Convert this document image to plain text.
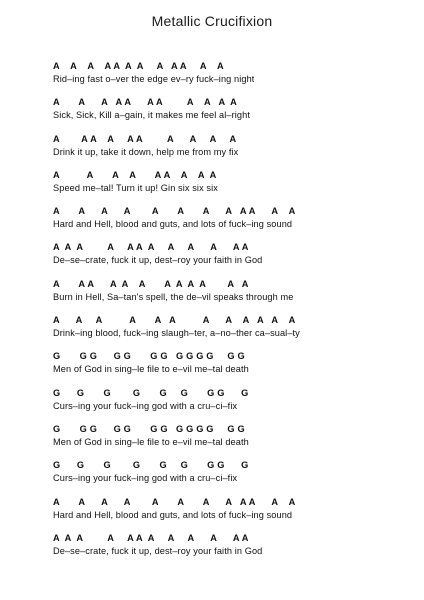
Metallic Crucifixion
A    A    A    A A  A  A     A   A A     A    A
Rid–ing fast o–ver the edge ev–ry fuck–ing night
A       A      A   A A      A A         A    A   A  A
Sick, Sick, Kill a–gain, it makes me feel al–right
A        A A    A     A A         A      A     A     A
Drink it up, take it down, help me from my fix
A          A       A    A       A A    A    A  A
Speed me–tal! Turn it up! Gin six six six
A       A      A      A        A       A       A      A   A A      A    A
Hard and Hell, blood and guts, and lots of fuck–ing sound
A  A  A         A     A A  A     A     A      A      A A
De–se–crate, fuck it up, dest–roy your faith in God
A       A A      A  A    A       A  A  A  A        A   A
Burn in Hell, Sa–tan's spell, the de–vil speaks through me
A      A     A          A       A   A          A      A    A   A   A    A
Drink–ing blood, fuck–ing slaugh–ter, a–no–ther ca–sual–ty
G       G G      G G       G G   G G G G     G G
Men of God in sing–le file to e–vil me–tal death
G      G       G        G       G     G       G G      G
Curs–ing your fuck–ing god with a cru–ci–fix
G       G G      G G       G G   G G G G     G G
Men of God in sing–le file to e–vil me–tal death
G      G       G        G       G     G       G G      G
Curs–ing your fuck–ing god with a cru–ci–fix
A       A      A      A        A       A       A      A   A A      A    A
Hard and Hell, blood and guts, and lots of fuck–ing sound
A  A  A         A     A A  A     A     A      A      A A
De–se–crate, fuck it up, dest–roy your faith in God
